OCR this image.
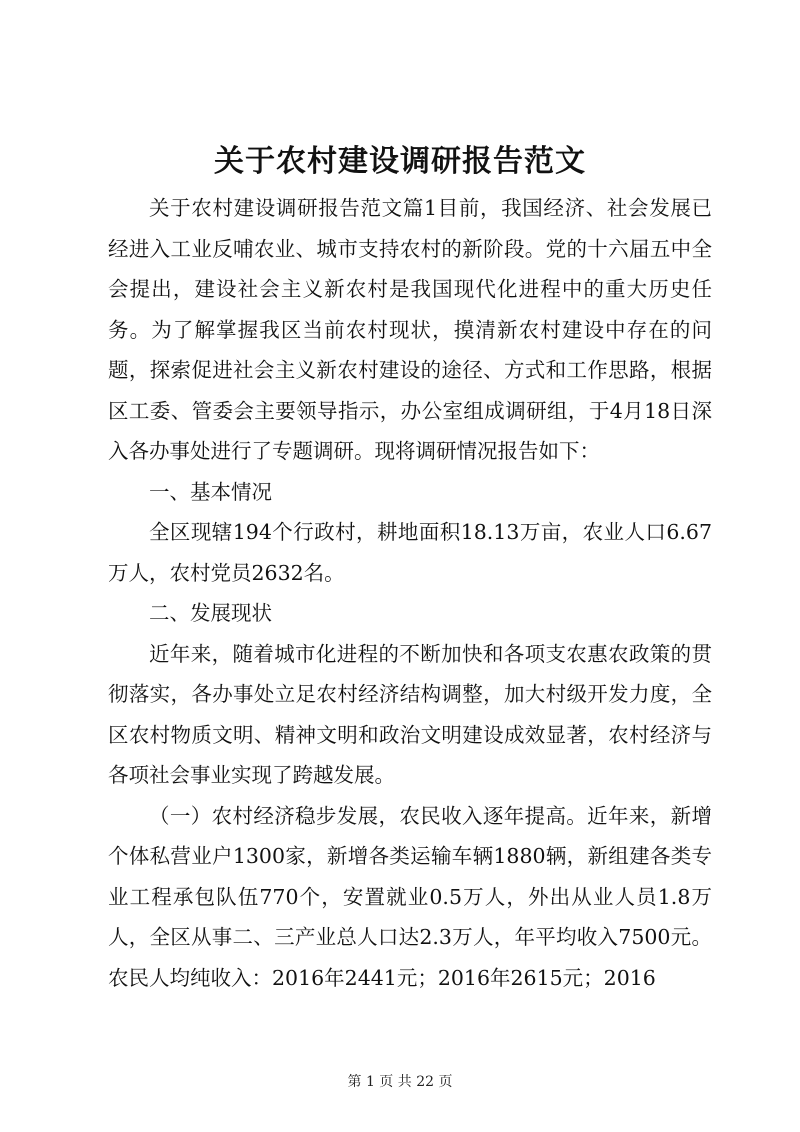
关于农村建设调研报告范文

关于农村建设调研报告范文篇1目前，我国经济、社会发展已经进入工业反哺农业、城市支持农村的新阶段。党的十六届五中全会提出，建设社会主义新农村是我国现代化进程中的重大历史任务。为了解掌握我区当前农村现状，摸清新农村建设中存在的问题，探索促进社会主义新农村建设的途径、方式和工作思路，根据区工委、管委会主要领导指示，办公室组成调研组，于4月18日深入各办事处进行了专题调研。现将调研情况报告如下：

一、基本情况

全区现辖194个行政村，耕地面积18.13万亩，农业人口6.67万人，农村党员2632名。

二、发展现状

近年来，随着城市化进程的不断加快和各项支农惠农政策的贯彻落实，各办事处立足农村经济结构调整，加大村级开发力度，全区农村物质文明、精神文明和政治文明建设成效显著，农村经济与各项社会事业实现了跨越发展。

（一）农村经济稳步发展，农民收入逐年提高。近年来，新增个体私营业户1300家，新增各类运输车辆1880辆，新组建各类专业工程承包队伍770个，安置就业0.5万人，外出从业人员1.8万人，全区从事二、三产业总人口达2.3万人，年平均收入7500元。农民人均纯收入：2016年2441元；2016年2615元；2016

第 1 页 共 22 页
